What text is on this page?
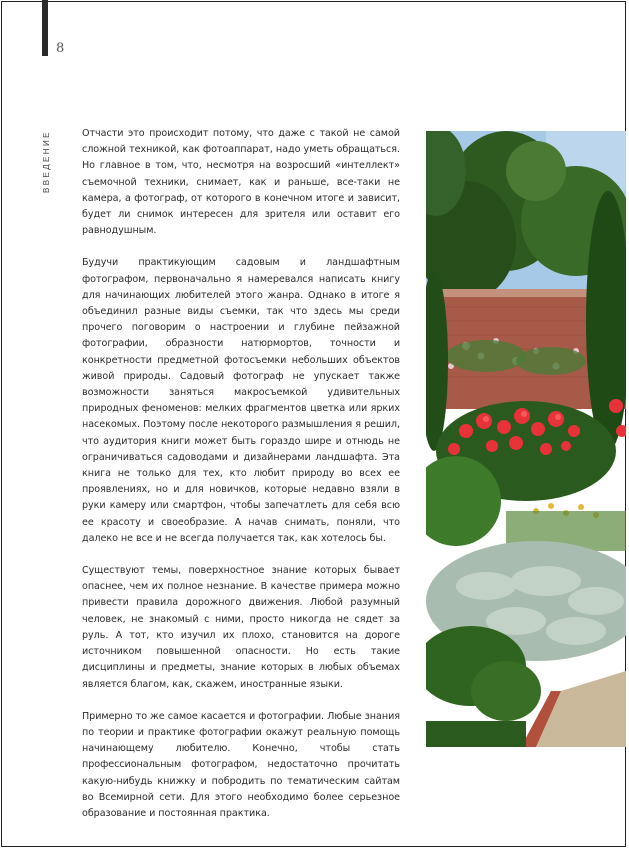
8
ВВЕДЕНИЕ	Отчасти это происходит потому, что даже с такой не самой сложной техникой, как фотоаппарат, надо уметь обращаться. Но главное в том, что, несмотря на возросший «интеллект» съемочной техники, снимает, как и раньше, все-таки не камера, а фотограф, от которого в конечном итоге и зависит, будет ли снимок интересен для зрителя или оставит его равнодушным.

Будучи практикующим садовым и ландшафтным фотографом, первоначально я намеревался написать книгу для начинающих любителей этого жанра. Однако в итоге я объединил разные виды съемки, так что здесь мы среди прочего поговорим о настроении и глубине пейзажной фотографии, образности натюрмортов, точности и конкретности предметной фотосъемки небольших объектов живой природы. Садовый фотограф не упускает также возможности заняться макросъемкой удивительных природных феноменов: мелких фрагментов цветка или ярких насекомых. Поэтому после некоторого размышления я решил, что аудитория книги может быть гораздо шире и отнюдь не ограничиваться садоводами и дизайнерами ландшафта. Эта книга не только для тех, кто любит природу во всех ее проявлениях, но и для новичков, которые недавно взяли в руки камеру или смартфон, чтобы запечатлеть для себя всю ее красоту и своеобразие. А начав снимать, поняли, что далеко не все и не всегда получается так, как хотелось бы.

Существуют темы, поверхностное знание которых бывает опаснее, чем их полное незнание. В качестве примера можно привести правила дорожного движения. Любой разумный человек, не знакомый с ними, просто никогда не сядет за руль. А тот, кто изучил их плохо, становится на дороге источником повышенной опасности. Но есть такие дисциплины и предметы, знание которых в любых объемах является благом, как, скажем, иностранные языки.

Примерно то же самое касается и фотографии. Любые знания по теории и практике фотографии окажут реальную помощь начинающему любителю. Конечно, чтобы стать профессиональным фотографом, недостаточно прочитать какую-нибудь книжку и побродить по тематическим сайтам во Всемирной сети. Для этого необходимо более серьезное образование и постоянная практика.
